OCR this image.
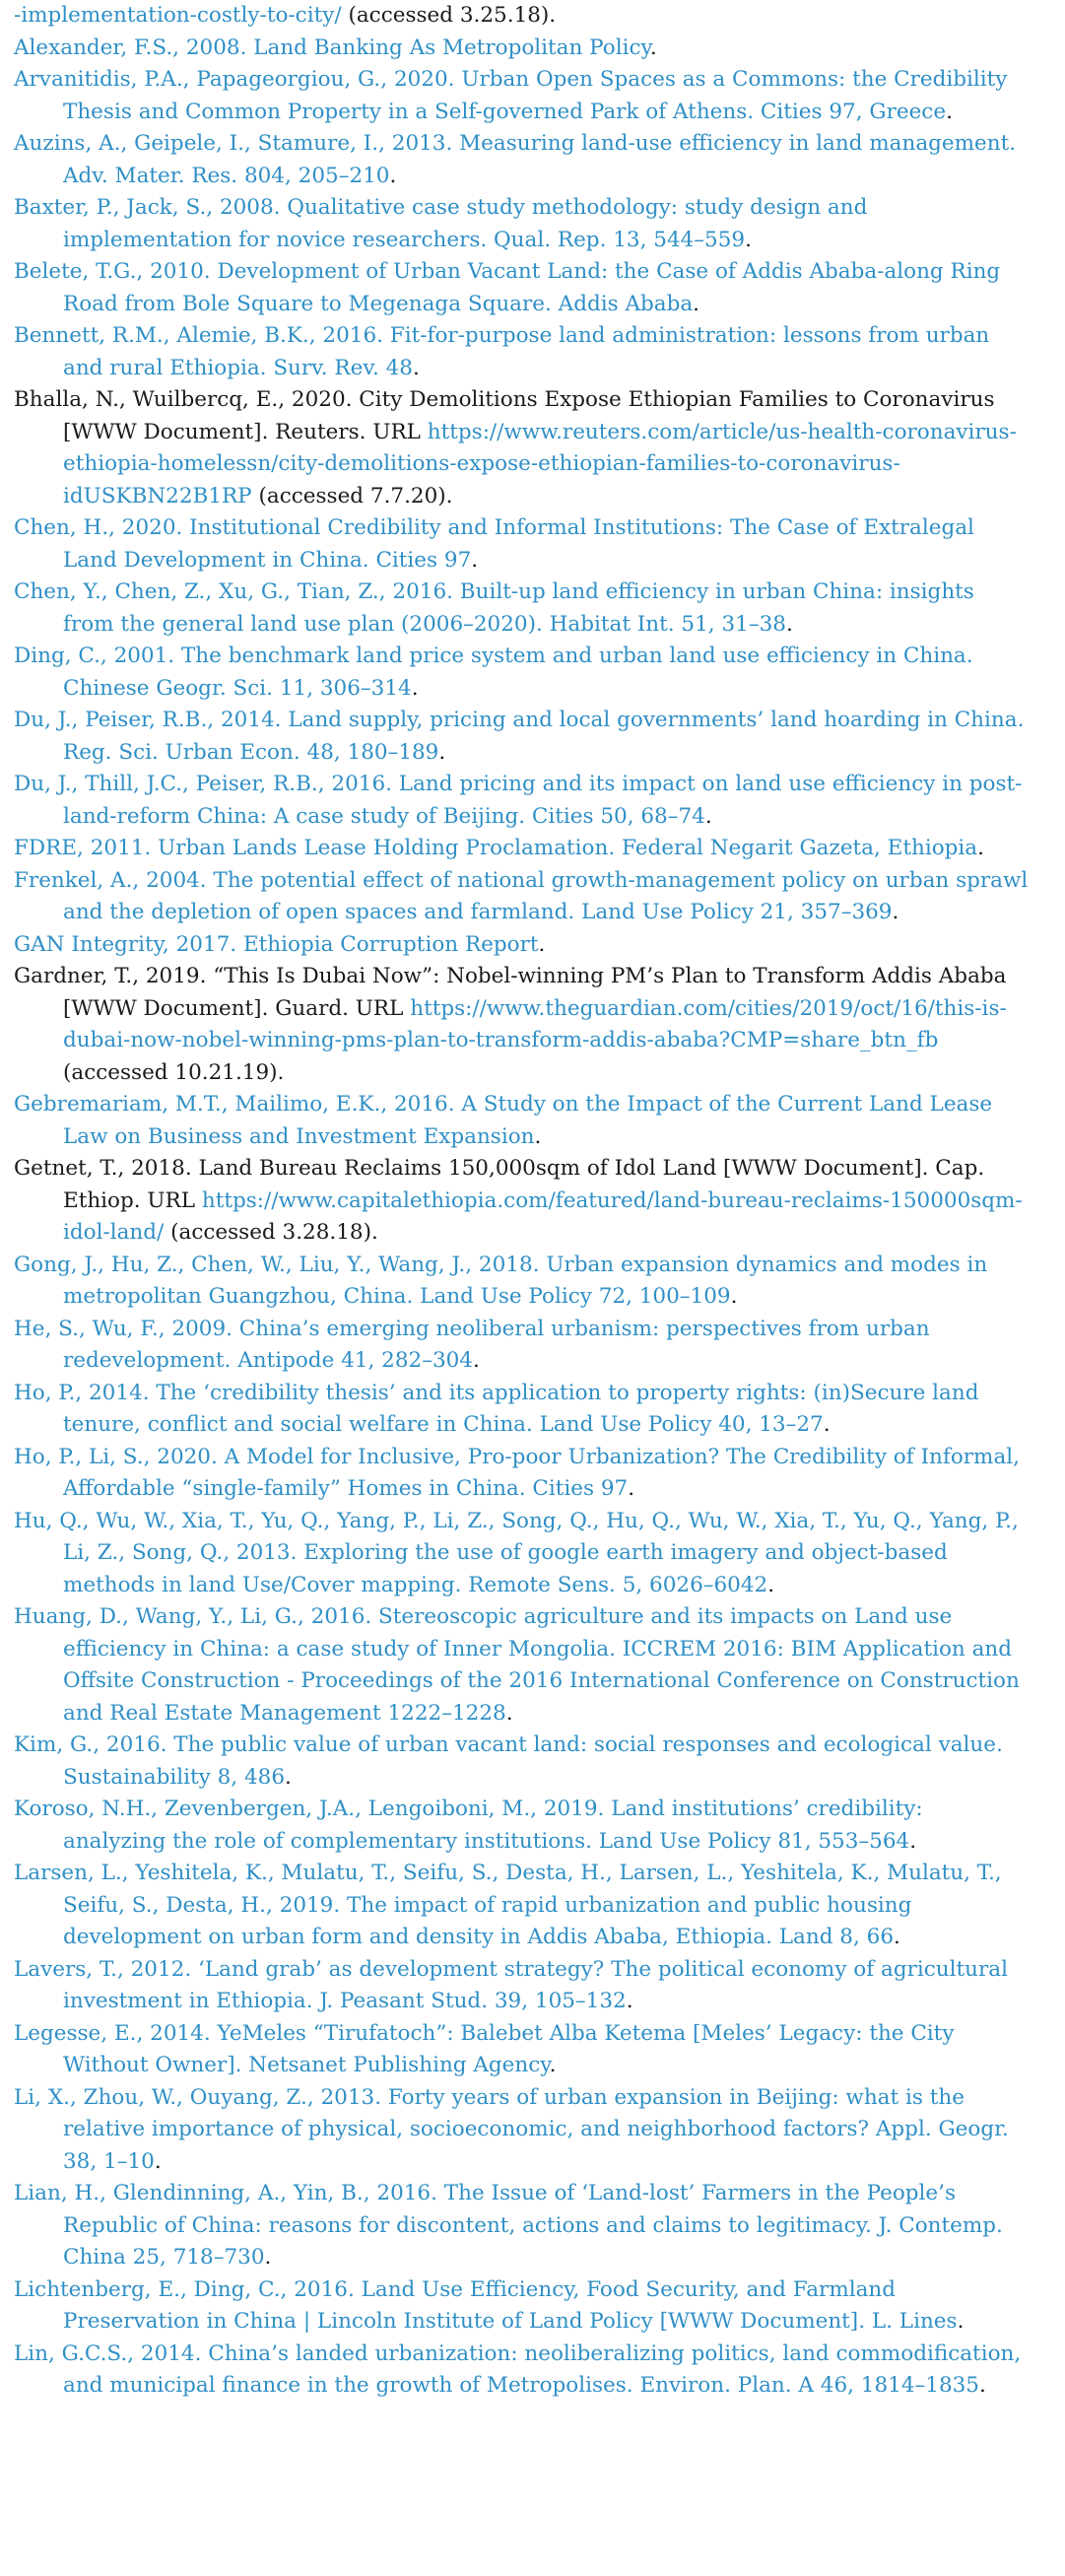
-implementation-costly-to-city/ (accessed 3.25.18).

Alexander, F.S., 2008. Land Banking As Metropolitan Policy.

Arvanitidis, P.A., Papageorgiou, G., 2020. Urban Open Spaces as a Commons: the Credibility Thesis and Common Property in a Self-governed Park of Athens. Cities 97, Greece.

Auzins, A., Geipele, I., Stamure, I., 2013. Measuring land-use efficiency in land management. Adv. Mater. Res. 804, 205–210.

Baxter, P., Jack, S., 2008. Qualitative case study methodology: study design and implementation for novice researchers. Qual. Rep. 13, 544–559.

Belete, T.G., 2010. Development of Urban Vacant Land: the Case of Addis Ababa-along Ring Road from Bole Square to Megenaga Square. Addis Ababa.

Bennett, R.M., Alemie, B.K., 2016. Fit-for-purpose land administration: lessons from urban and rural Ethiopia. Surv. Rev. 48.

Bhalla, N., Wuilbercq, E., 2020. City Demolitions Expose Ethiopian Families to Coronavirus [WWW Document]. Reuters. URL https://www.reuters.com/article/us-health-coronavirus-ethiopia-homelessn/city-demolitions-expose-ethiopian-families-to-coronavirus-idUSKBN22B1RP (accessed 7.7.20).

Chen, H., 2020. Institutional Credibility and Informal Institutions: The Case of Extralegal Land Development in China. Cities 97.

Chen, Y., Chen, Z., Xu, G., Tian, Z., 2016. Built-up land efficiency in urban China: insights from the general land use plan (2006–2020). Habitat Int. 51, 31–38.

Ding, C., 2001. The benchmark land price system and urban land use efficiency in China. Chinese Geogr. Sci. 11, 306–314.

Du, J., Peiser, R.B., 2014. Land supply, pricing and local governments’ land hoarding in China. Reg. Sci. Urban Econ. 48, 180–189.

Du, J., Thill, J.C., Peiser, R.B., 2016. Land pricing and its impact on land use efficiency in post-land-reform China: A case study of Beijing. Cities 50, 68–74.

FDRE, 2011. Urban Lands Lease Holding Proclamation. Federal Negarit Gazeta, Ethiopia.

Frenkel, A., 2004. The potential effect of national growth-management policy on urban sprawl and the depletion of open spaces and farmland. Land Use Policy 21, 357–369.

GAN Integrity, 2017. Ethiopia Corruption Report.

Gardner, T., 2019. “This Is Dubai Now”: Nobel-winning PM’s Plan to Transform Addis Ababa [WWW Document]. Guard. URL https://www.theguardian.com/cities/2019/oct/16/this-is-dubai-now-nobel-winning-pms-plan-to-transform-addis-ababa?CMP=share_btn_fb (accessed 10.21.19).

Gebremariam, M.T., Mailimo, E.K., 2016. A Study on the Impact of the Current Land Lease Law on Business and Investment Expansion.

Getnet, T., 2018. Land Bureau Reclaims 150,000sqm of Idol Land [WWW Document]. Cap. Ethiop. URL https://www.capitalethiopia.com/featured/land-bureau-reclaims-150000sqm-idol-land/ (accessed 3.28.18).

Gong, J., Hu, Z., Chen, W., Liu, Y., Wang, J., 2018. Urban expansion dynamics and modes in metropolitan Guangzhou, China. Land Use Policy 72, 100–109.

He, S., Wu, F., 2009. China’s emerging neoliberal urbanism: perspectives from urban redevelopment. Antipode 41, 282–304.

Ho, P., 2014. The ‘credibility thesis’ and its application to property rights: (in)Secure land tenure, conflict and social welfare in China. Land Use Policy 40, 13–27.

Ho, P., Li, S., 2020. A Model for Inclusive, Pro-poor Urbanization? The Credibility of Informal, Affordable “single-family” Homes in China. Cities 97.

Hu, Q., Wu, W., Xia, T., Yu, Q., Yang, P., Li, Z., Song, Q., Hu, Q., Wu, W., Xia, T., Yu, Q., Yang, P., Li, Z., Song, Q., 2013. Exploring the use of google earth imagery and object-based methods in land Use/Cover mapping. Remote Sens. 5, 6026–6042.

Huang, D., Wang, Y., Li, G., 2016. Stereoscopic agriculture and its impacts on Land use efficiency in China: a case study of Inner Mongolia. ICCREM 2016: BIM Application and Offsite Construction - Proceedings of the 2016 International Conference on Construction and Real Estate Management 1222–1228.

Kim, G., 2016. The public value of urban vacant land: social responses and ecological value. Sustainability 8, 486.

Koroso, N.H., Zevenbergen, J.A., Lengoiboni, M., 2019. Land institutions’ credibility: analyzing the role of complementary institutions. Land Use Policy 81, 553–564.

Larsen, L., Yeshitela, K., Mulatu, T., Seifu, S., Desta, H., Larsen, L., Yeshitela, K., Mulatu, T., Seifu, S., Desta, H., 2019. The impact of rapid urbanization and public housing development on urban form and density in Addis Ababa, Ethiopia. Land 8, 66.

Lavers, T., 2012. ‘Land grab’ as development strategy? The political economy of agricultural investment in Ethiopia. J. Peasant Stud. 39, 105–132.

Legesse, E., 2014. YeMeles “Tirufatoch”: Balebet Alba Ketema [Meles’ Legacy: the City Without Owner]. Netsanet Publishing Agency.

Li, X., Zhou, W., Ouyang, Z., 2013. Forty years of urban expansion in Beijing: what is the relative importance of physical, socioeconomic, and neighborhood factors? Appl. Geogr. 38, 1–10.

Lian, H., Glendinning, A., Yin, B., 2016. The Issue of ‘Land-lost’ Farmers in the People’s Republic of China: reasons for discontent, actions and claims to legitimacy. J. Contemp. China 25, 718–730.

Lichtenberg, E., Ding, C., 2016. Land Use Efficiency, Food Security, and Farmland Preservation in China | Lincoln Institute of Land Policy [WWW Document]. L. Lines.

Lin, G.C.S., 2014. China’s landed urbanization: neoliberalizing politics, land commodification, and municipal finance in the growth of Metropolises. Environ. Plan. A 46, 1814–1835.
